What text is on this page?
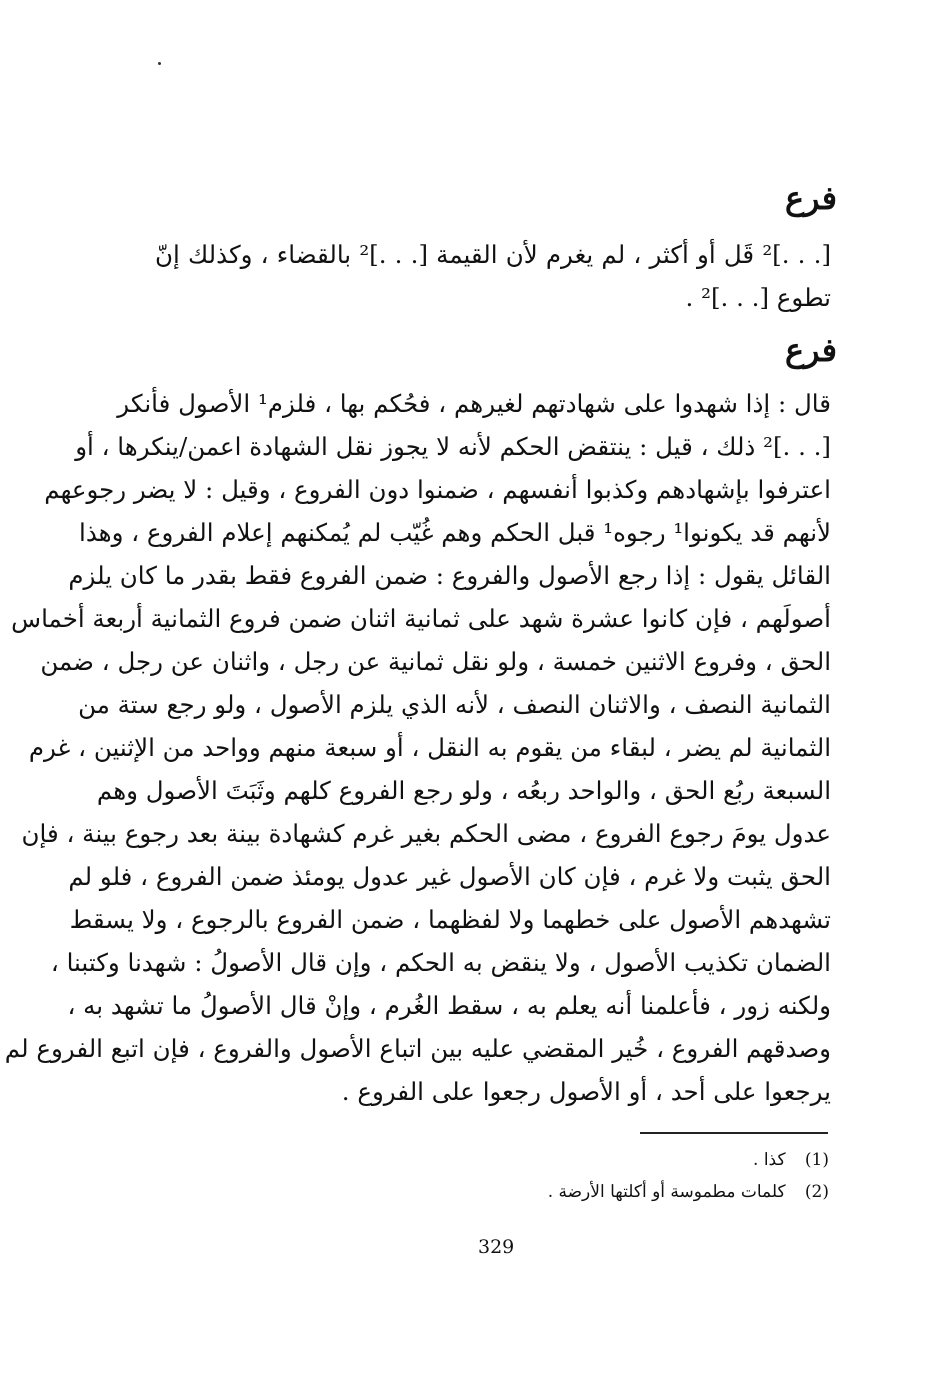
فرع
[. . .]² قَل أو أكثر ، لم يغرم لأن القيمة [. . .]² بالقضاء ، وكذلك إنّ
تطوع [. . .]² .
فرع
قال : إذا شهدوا على شهادتهم لغيرهم ، فحُكم بها ، فلزم¹ الأصول فأنكر
[. . .]² ذلك ، قيل : ينتقض الحكم لأنه لا يجوز نقل الشهادة اعمن/ينكرها ، أو
اعترفوا بإشهادهم وكذبوا أنفسهم ، ضمنوا دون الفروع ، وقيل : لا يضر رجوعهم
لأنهم قد يكونوا¹ رجوه¹ قبل الحكم وهم غُيّب لم يُمكنهم إعلام الفروع ، وهذا
القائل يقول : إذا رجع الأصول والفروع : ضمن الفروع فقط بقدر ما كان يلزم
أصولَهم ، فإن كانوا عشرة شهد على ثمانية اثنان ضمن فروع الثمانية أربعة أخماس
الحق ، وفروع الاثنين خمسة ، ولو نقل ثمانية عن رجل ، واثنان عن رجل ، ضمن
الثمانية النصف ، والاثنان النصف ، لأنه الذي يلزم الأصول ، ولو رجع ستة من
الثمانية لم يضر ، لبقاء من يقوم به النقل ، أو سبعة منهم وواحد من الإثنين ، غرم
السبعة ربُع الحق ، والواحد ربعُه ، ولو رجع الفروع كلهم وثَبَتَ الأصول وهم
عدول يومَ رجوع الفروع ، مضى الحكم بغير غرم كشهادة بينة بعد رجوع بينة ، فإن
الحق يثبت ولا غرم ، فإن كان الأصول غير عدول يومئذ ضمن الفروع ، فلو لم
تشهدهم الأصول على خطهما ولا لفظهما ، ضمن الفروع بالرجوع ، ولا يسقط
الضمان تكذيب الأصول ، ولا ينقض به الحكم ، وإن قال الأصولُ : شهدنا وكتبنا ،
ولكنه زور ، فأعلمنا أنه يعلم به ، سقط الغُرم ، وإنْ قال الأصولُ ما تشهد به ،
وصدقهم الفروع ، خُير المقضي عليه بين اتباع الأصول والفروع ، فإن اتبع الفروع لم
يرجعوا على أحد ، أو الأصول رجعوا على الفروع .
(1) كذا .
(2) كلمات مطموسة أو أكلتها الأرضة .
329
